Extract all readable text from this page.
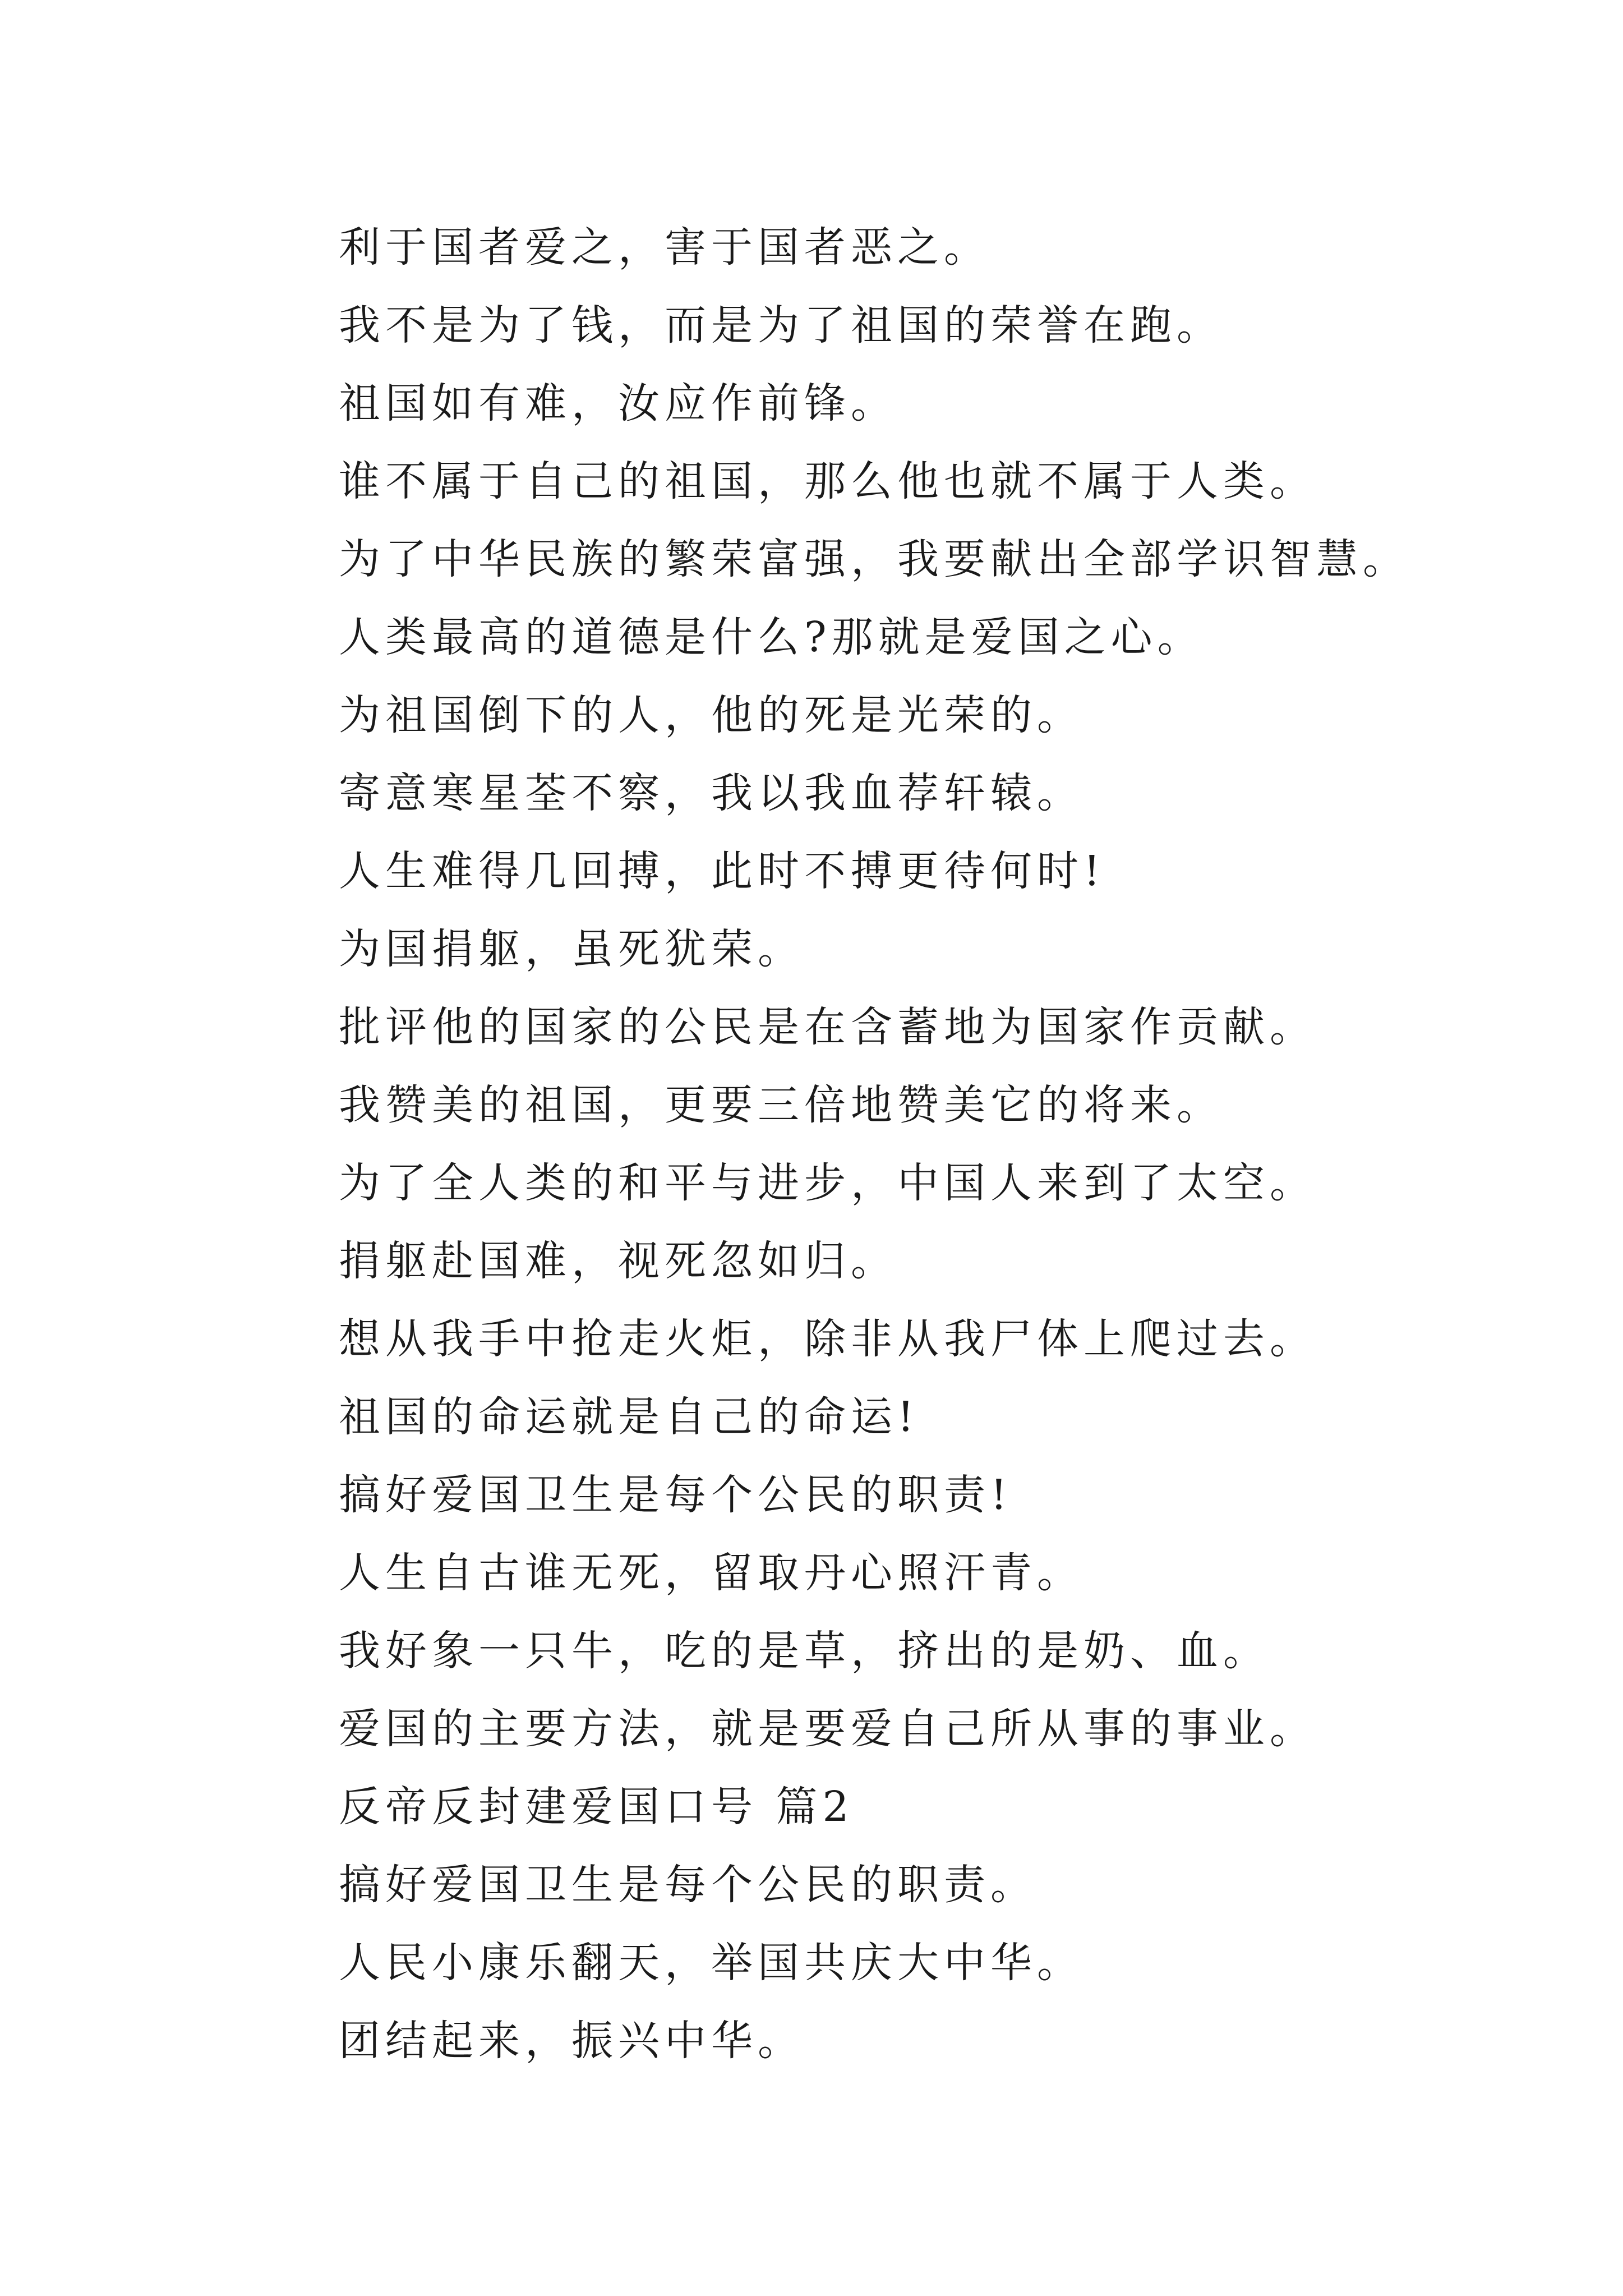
利于国者爱之，害于国者恶之。
我不是为了钱，而是为了祖国的荣誉在跑。
祖国如有难，汝应作前锋。
谁不属于自己的祖国，那么他也就不属于人类。
为了中华民族的繁荣富强，我要献出全部学识智慧。
人类最高的道德是什么?那就是爱国之心。
为祖国倒下的人，他的死是光荣的。
寄意寒星荃不察，我以我血荐轩辕。
人生难得几回搏，此时不搏更待何时!
为国捐躯，虽死犹荣。
批评他的国家的公民是在含蓄地为国家作贡献。
我赞美的祖国，更要三倍地赞美它的将来。
为了全人类的和平与进步，中国人来到了太空。
捐躯赴国难，视死忽如归。
想从我手中抢走火炬，除非从我尸体上爬过去。
祖国的命运就是自己的命运!
搞好爱国卫生是每个公民的职责!
人生自古谁无死，留取丹心照汗青。
我好象一只牛，吃的是草，挤出的是奶、血。
爱国的主要方法，就是要爱自己所从事的事业。
反帝反封建爱国口号 篇2
搞好爱国卫生是每个公民的职责。
人民小康乐翻天，举国共庆大中华。
团结起来，振兴中华。
